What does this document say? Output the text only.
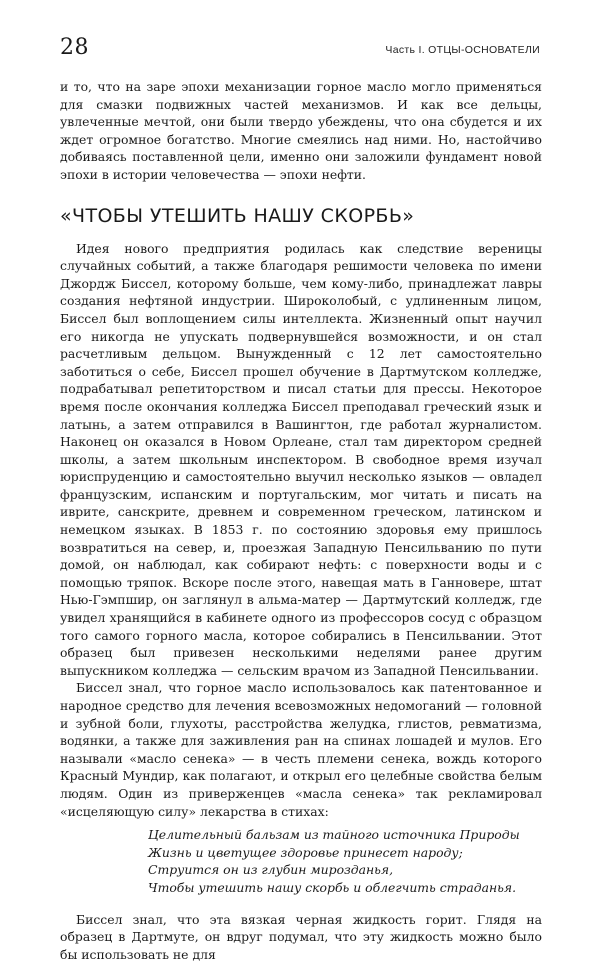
28	Часть I. ОТЦЫ-ОСНОВАТЕЛИ

и то, что на заре эпохи механизации горное масло могло применяться для смазки подвижных частей механизмов. И как все дельцы, увлеченные мечтой, они были твердо убеждены, что она сбудется и их ждет огромное богатство. Многие смеялись над ними. Но, настойчиво добиваясь поставленной цели, именно они заложили фундамент новой эпохи в истории человечества — эпохи нефти.

«ЧТОБЫ УТЕШИТЬ НАШУ СКОРБЬ»

Идея нового предприятия родилась как следствие вереницы случайных событий, а также благодаря решимости человека по имени Джордж Биссел, которому больше, чем кому-либо, принадлежат лавры создания нефтяной индустрии. Широколобый, с удлиненным лицом, Биссел был воплощением силы интеллекта. Жизненный опыт научил его никогда не упускать подвернувшейся возможности, и он стал расчетливым дельцом. Вынужденный с 12 лет самостоятельно заботиться о себе, Биссел прошел обучение в Дартмутском колледже, подрабатывал репетиторством и писал статьи для прессы. Некоторое время после окончания колледжа Биссел преподавал греческий язык и латынь, а затем отправился в Вашингтон, где работал журналистом. Наконец он оказался в Новом Орлеане, стал там директором средней школы, а затем школьным инспектором. В свободное время изучал юриспруденцию и самостоятельно выучил несколько языков — овладел французским, испанским и португальским, мог читать и писать на иврите, санскрите, древнем и современном греческом, латинском и немецком языках. В 1853 г. по состоянию здоровья ему пришлось возвратиться на север, и, проезжая Западную Пенсильванию по пути домой, он наблюдал, как собирают нефть: с поверхности воды и с помощью тряпок. Вскоре после этого, навещая мать в Ганновере, штат Нью-Гэмпшир, он заглянул в альма-матер — Дартмутский колледж, где увидел хранящийся в кабинете одного из профессоров сосуд с образцом того самого горного масла, которое собирались в Пенсильвании. Этот образец был привезен несколькими неделями ранее другим выпускником колледжа — сельским врачом из Западной Пенсильвании.

Биссел знал, что горное масло использовалось как патентованное и народное средство для лечения всевозможных недомоганий — головной и зубной боли, глухоты, расстройства желудка, глистов, ревматизма, водянки, а также для заживления ран на спинах лошадей и мулов. Его называли «масло сенека» — в честь племени сенека, вождь которого Красный Мундир, как полагают, и открыл его целебные свойства белым людям. Один из приверженцев «масла сенека» так рекламировал «исцеляющую силу» лекарства в стихах:

Целительный бальзам из тайного источника Природы
Жизнь и цветущее здоровье принесет народу;
Струится он из глубин мирозданья,
Чтобы утешить нашу скорбь и облегчить страданья.

Биссел знал, что эта вязкая черная жидкость горит. Глядя на образец в Дартмуте, он вдруг подумал, что эту жидкость можно было бы использовать не для
